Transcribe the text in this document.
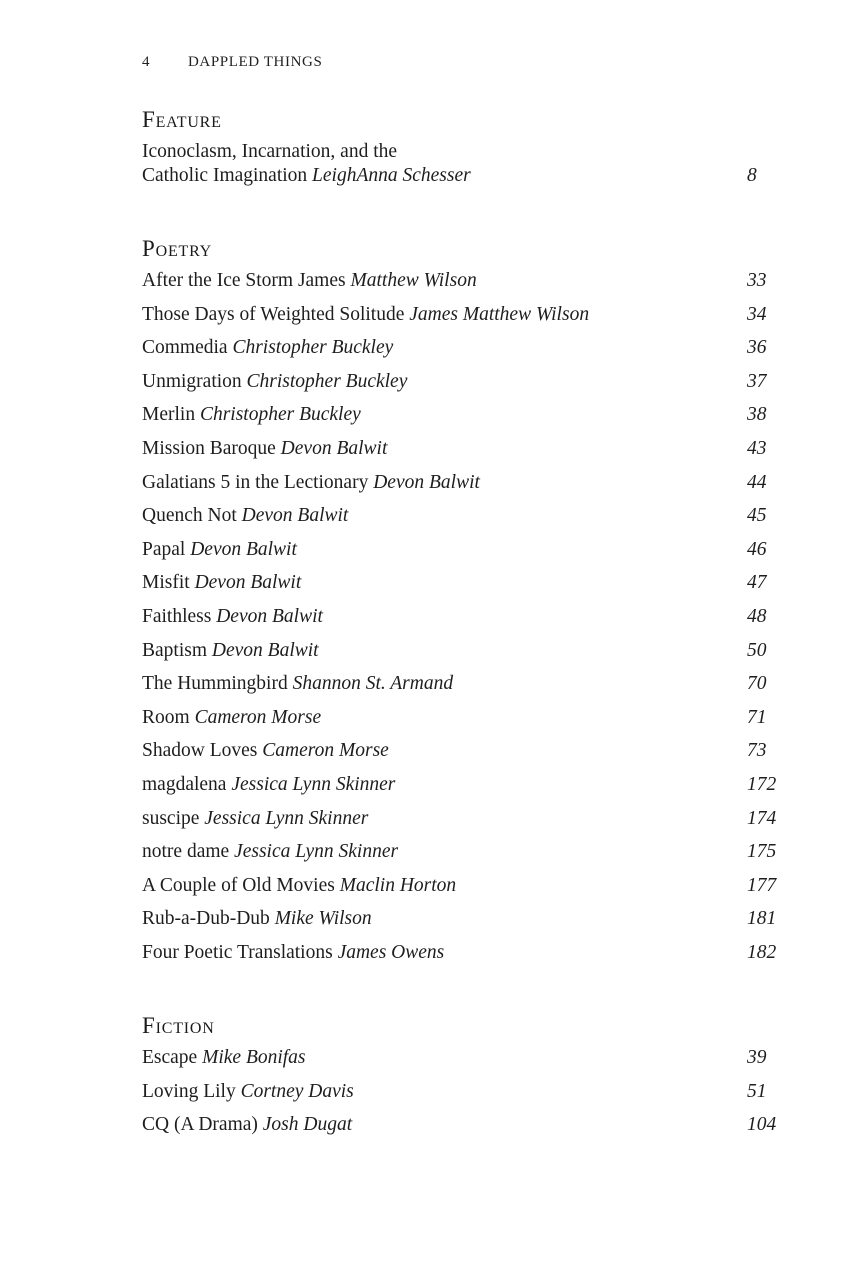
4	DAPPLED THINGS
Feature
Iconoclasm, Incarnation, and the
Catholic Imagination LeighAnna Schesser	8
Poetry
After the Ice Storm James Matthew Wilson	33
Those Days of Weighted Solitude James Matthew Wilson	34
Commedia Christopher Buckley	36
Unmigration Christopher Buckley	37
Merlin Christopher Buckley	38
Mission Baroque Devon Balwit	43
Galatians 5 in the Lectionary Devon Balwit	44
Quench Not Devon Balwit	45
Papal Devon Balwit	46
Misfit Devon Balwit	47
Faithless Devon Balwit	48
Baptism Devon Balwit	50
The Hummingbird Shannon St. Armand	70
Room Cameron Morse	71
Shadow Loves Cameron Morse	73
magdalena Jessica Lynn Skinner	172
suscipe Jessica Lynn Skinner	174
notre dame Jessica Lynn Skinner	175
A Couple of Old Movies Maclin Horton	177
Rub-a-Dub-Dub Mike Wilson	181
Four Poetic Translations James Owens	182
Fiction
Escape Mike Bonifas	39
Loving Lily Cortney Davis	51
CQ (A Drama) Josh Dugat	104
